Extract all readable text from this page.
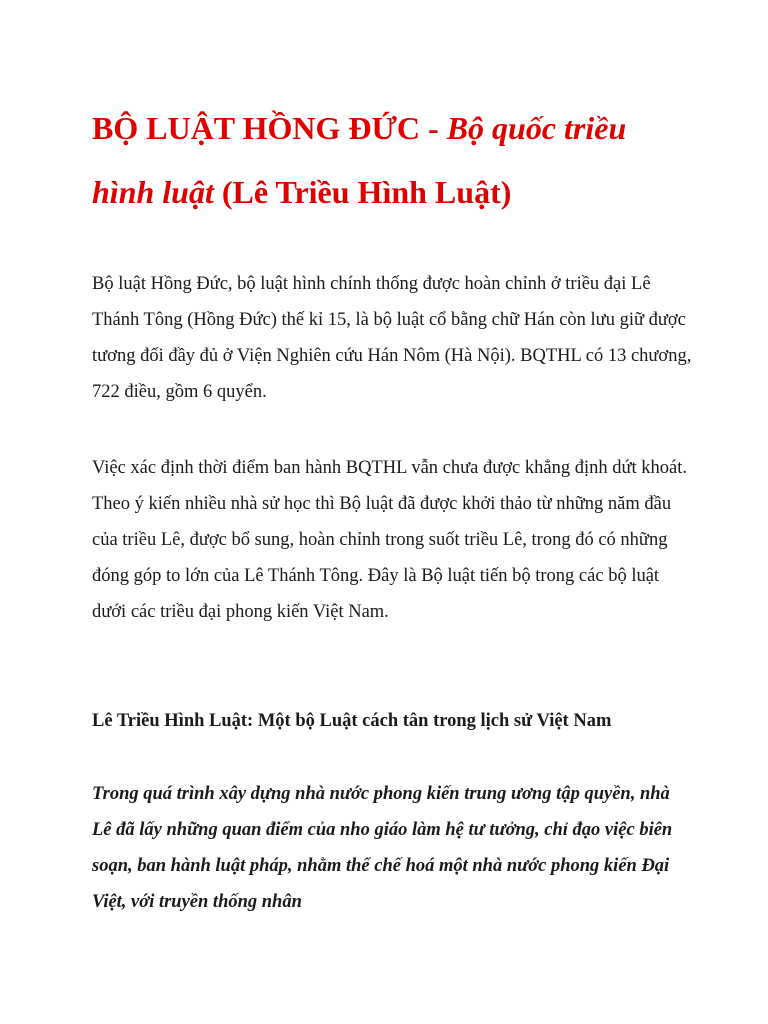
BỘ LUẬT HỒNG ĐỨC - Bộ quốc triều hình luật (Lê Triều Hình Luật)

Bộ luật Hồng Đức, bộ luật hình chính thống được hoàn chỉnh ở triều đại Lê Thánh Tông (Hồng Đức) thế kỉ 15, là bộ luật cổ bằng chữ Hán còn lưu giữ được tương đối đầy đủ ở Viện Nghiên cứu Hán Nôm (Hà Nội). BQTHL có 13 chương, 722 điều, gồm 6 quyển.

Việc xác định thời điểm ban hành BQTHL vẫn chưa được khẳng định dứt khoát. Theo ý kiến nhiều nhà sử học thì Bộ luật đã được khởi thảo từ những năm đầu của triều Lê, được bổ sung, hoàn chỉnh trong suốt triều Lê, trong đó có những đóng góp to lớn của Lê Thánh Tông. Đây là Bộ luật tiến bộ trong các bộ luật dưới các triều đại phong kiến Việt Nam.

Lê Triều Hình Luật: Một bộ Luật cách tân trong lịch sử Việt Nam

Trong quá trình xây dựng nhà nước phong kiến trung ương tập quyền, nhà Lê đã lấy những quan điểm của nho giáo làm hệ tư tưởng, chỉ đạo việc biên soạn, ban hành luật pháp, nhằm thể chế hoá một nhà nước phong kiến Đại Việt, với truyền thống nhân
